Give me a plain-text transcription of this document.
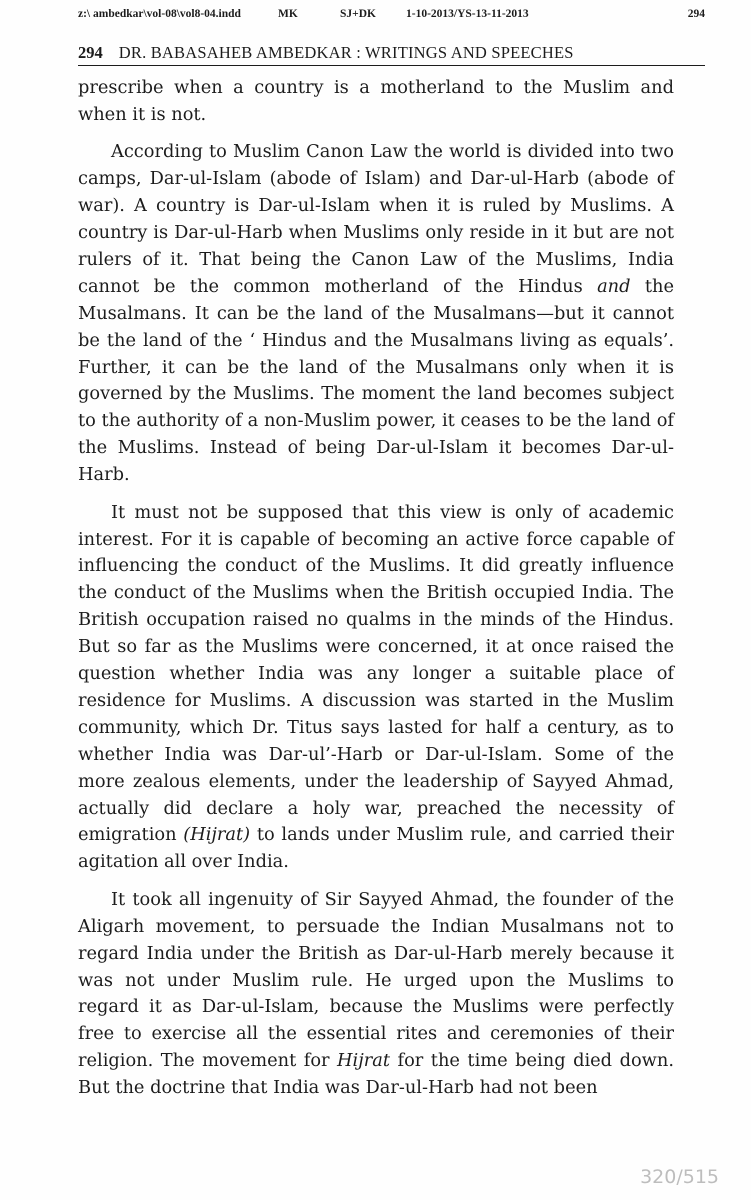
z:\ ambedkar\vol-08\vol8-04.indd	MK	SJ+DK	1-10-2013/YS-13-11-2013	294
294 DR. BABASAHEB AMBEDKAR : WRITINGS AND SPEECHES

prescribe when a country is a motherland to the Muslim and when it is not.

According to Muslim Canon Law the world is divided into two camps, Dar-ul-Islam (abode of Islam) and Dar-ul-Harb (abode of war). A country is Dar-ul-Islam when it is ruled by Muslims. A country is Dar-ul-Harb when Muslims only reside in it but are not rulers of it. That being the Canon Law of the Muslims, India cannot be the common motherland of the Hindus and the Musalmans. It can be the land of the Musalmans—but it cannot be the land of the ‘ Hindus and the Musalmans living as equals’. Further, it can be the land of the Musalmans only when it is governed by the Muslims. The moment the land becomes subject to the authority of a non-Muslim power, it ceases to be the land of the Muslims. Instead of being Dar-ul-Islam it becomes Dar-ul-Harb.

It must not be supposed that this view is only of academic interest. For it is capable of becoming an active force capable of influencing the conduct of the Muslims. It did greatly influence the conduct of the Muslims when the British occupied India. The British occupation raised no qualms in the minds of the Hindus. But so far as the Muslims were concerned, it at once raised the question whether India was any longer a suitable place of residence for Muslims. A discussion was started in the Muslim community, which Dr. Titus says lasted for half a century, as to whether India was Dar-ul’-Harb or Dar-ul-Islam. Some of the more zealous elements, under the leadership of Sayyed Ahmad, actually did declare a holy war, preached the necessity of emigration (Hijrat) to lands under Muslim rule, and carried their agitation all over India.

It took all ingenuity of Sir Sayyed Ahmad, the founder of the Aligarh movement, to persuade the Indian Musalmans not to regard India under the British as Dar-ul-Harb merely because it was not under Muslim rule. He urged upon the Muslims to regard it as Dar-ul-Islam, because the Muslims were perfectly free to exercise all the essential rites and ceremonies of their religion. The movement for Hijrat for the time being died down. But the doctrine that India was Dar-ul-Harb had not been

320/515
